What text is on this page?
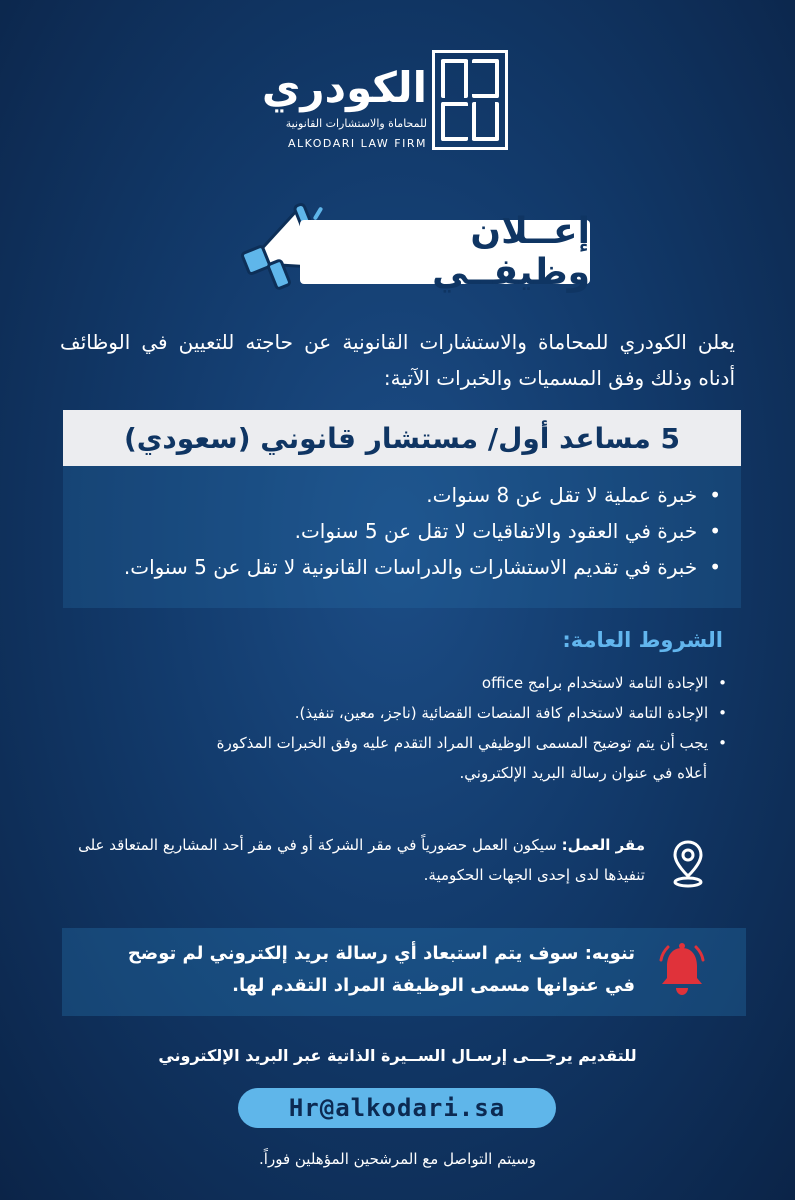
الكودري
للمحاماة والاستشارات القانونية
ALKODARI LAW FIRM
إعــلان وظيفــي
يعلن الكودري للمحاماة والاستشارات القانونية عن حاجته للتعيين في الوظائف أدناه وذلك وفق المسميات والخبرات الآتية:
5 مساعد أول/ مستشار قانوني (سعودي)
• خبرة عملية لا تقل عن 8 سنوات.
• خبرة في العقود والاتفاقيات لا تقل عن 5 سنوات.
• خبرة في تقديم الاستشارات والدراسات القانونية لا تقل عن 5 سنوات.
الشروط العامة:
• الإجادة التامة لاستخدام برامج office
• الإجادة التامة لاستخدام كافة المنصات القضائية (ناجز، معين، تنفيذ).
• يجب أن يتم توضيح المسمى الوظيفي المراد التقدم عليه وفق الخبرات المذكورة
أعلاه في عنوان رسالة البريد الإلكتروني.
مقر العمل: سيكون العمل حضورياً في مقر الشركة أو في مقر أحد المشاريع المتعاقد على تنفيذها لدى إحدى الجهات الحكومية.
تنويه: سوف يتم استبعاد أي رسالة بريد إلكتروني لم توضح في عنوانها مسمى الوظيفة المراد التقدم لها.
للتقديم يرجـــى إرسـال الســيرة الذاتية عبر البريد الإلكتروني
Hr@alkodari.sa
وسيتم التواصل مع المرشحين المؤهلين فوراً.
